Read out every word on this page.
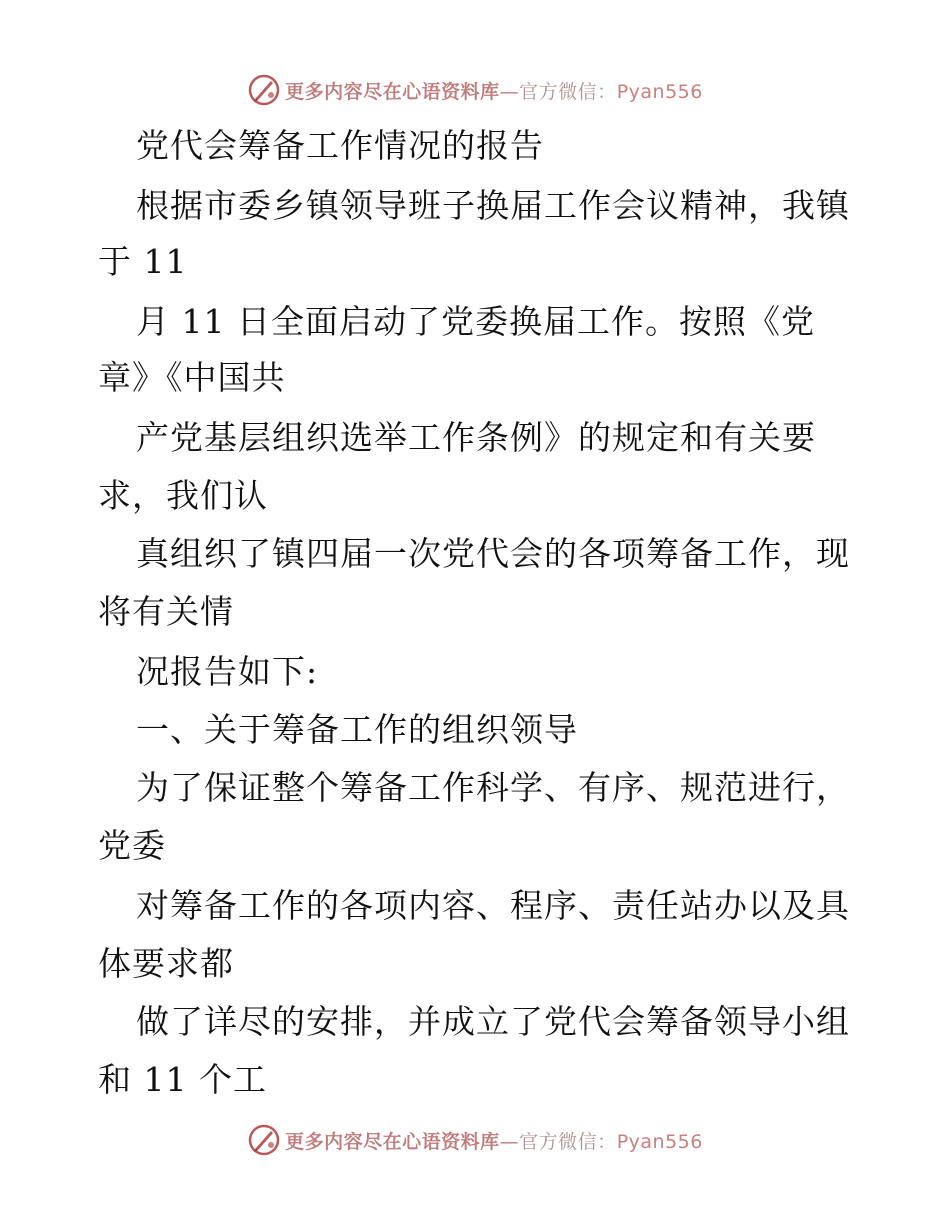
更多内容尽在心语资料库—官方微信：Pyan556
党代会筹备工作情况的报告
根据市委乡镇领导班子换届工作会议精神，我镇
于 11
月 11 日全面启动了党委换届工作。按照《党
章》《中国共
产党基层组织选举工作条例》的规定和有关要
求，我们认
真组织了镇四届一次党代会的各项筹备工作，现
将有关情
况报告如下:
一、关于筹备工作的组织领导
为了保证整个筹备工作科学、有序、规范进行，
党委
对筹备工作的各项内容、程序、责任站办以及具
体要求都
做了详尽的安排，并成立了党代会筹备领导小组
和 11 个工
更多内容尽在心语资料库—官方微信：Pyan556
